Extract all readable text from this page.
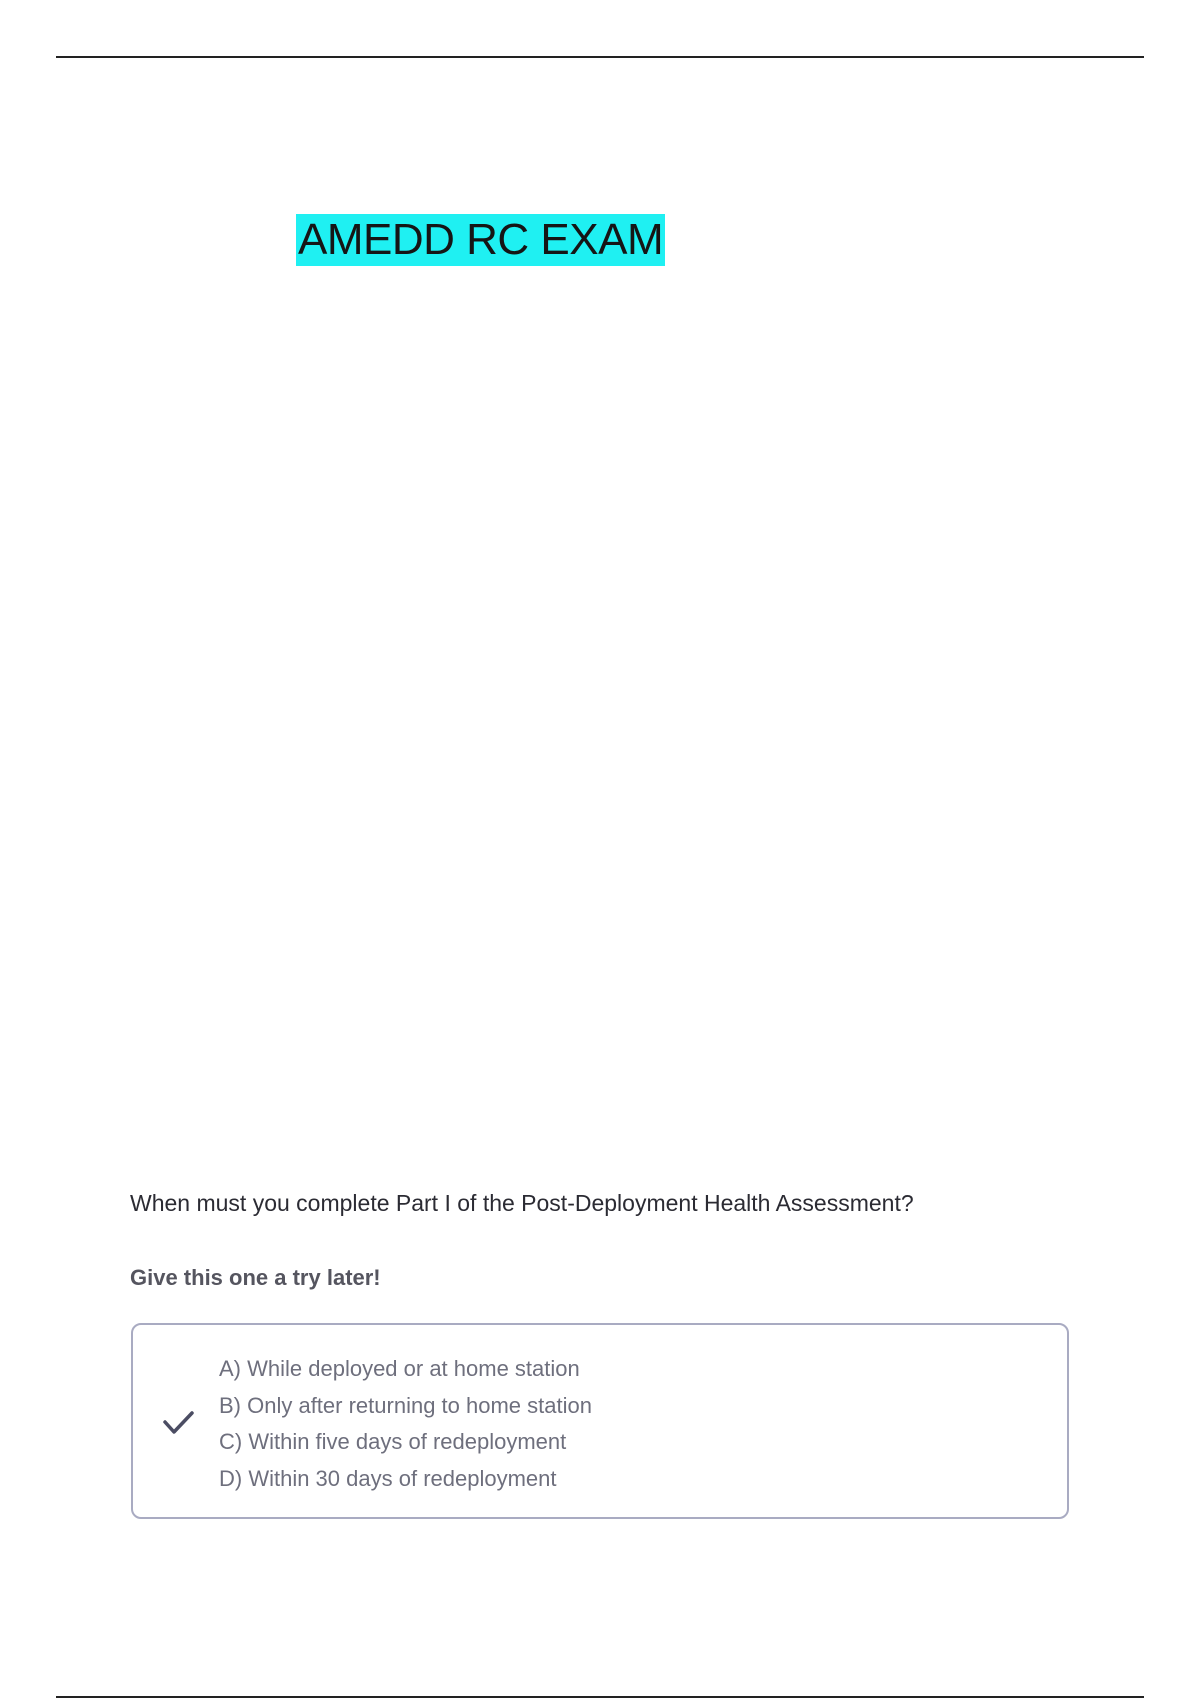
AMEDD RC EXAM
When must you complete Part I of the Post-Deployment Health Assessment?
Give this one a try later!
A) While deployed or at home station
B) Only after returning to home station
C) Within five days of redeployment
D) Within 30 days of redeployment
